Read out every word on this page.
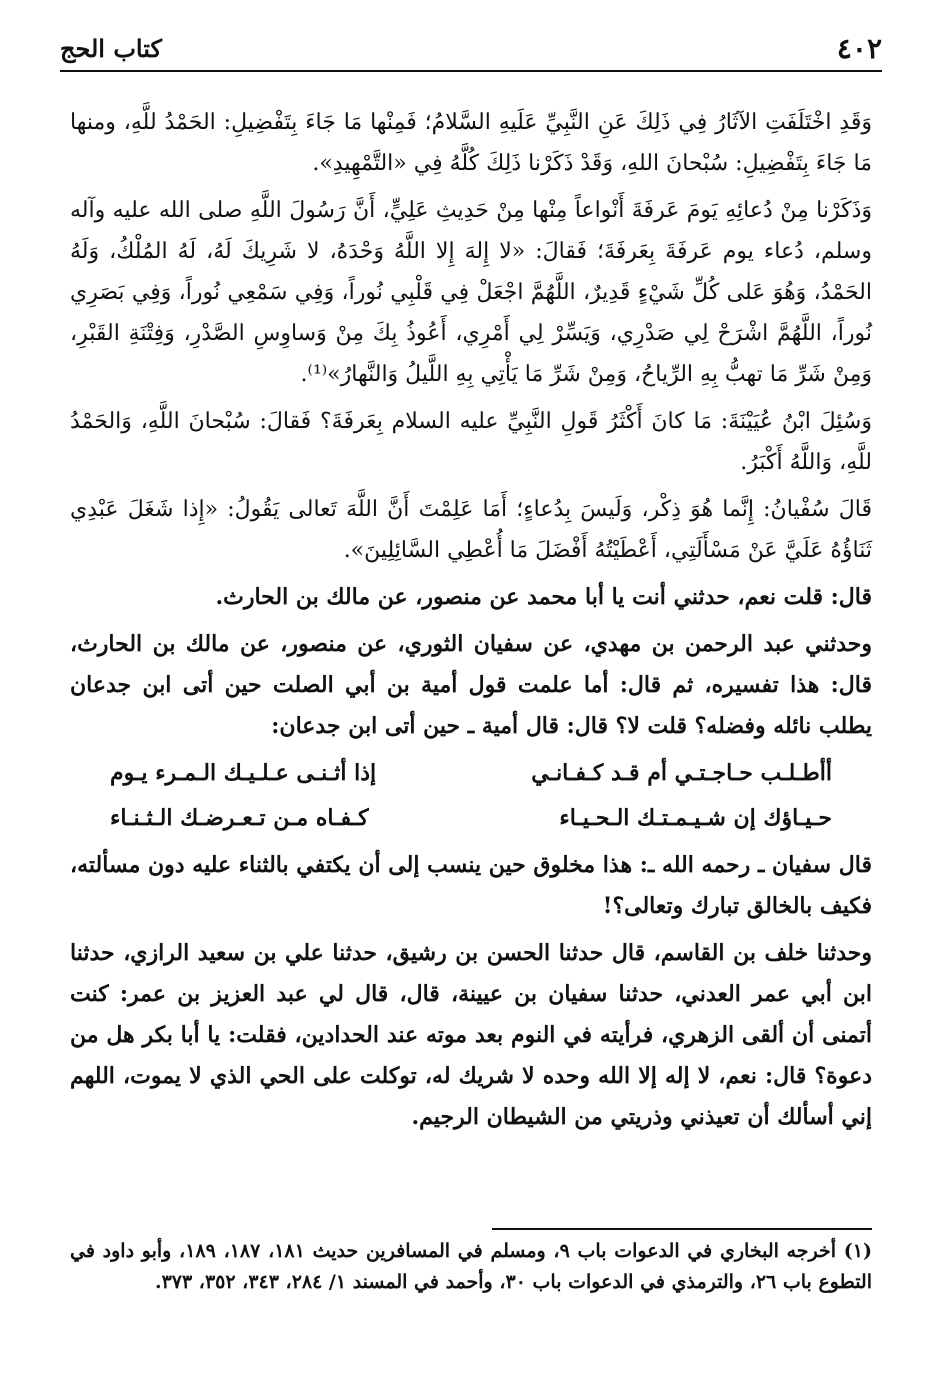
٤٠٢
كتاب الحج

وَقَدِ اخْتَلَفَتِ الآثَارُ فِي ذَلِكَ عَنِ النَّبِيِّ عَلَيهِ السَّلامُ؛ فَمِنْها مَا جَاءَ بِتَفْضِيلِ: الحَمْدُ للَّهِ، ومنها مَا جَاءَ بِتَفْضِيلِ: سُبْحانَ اللهِ، وَقَدْ ذَكَرْنا ذَلِكَ كُلَّهُ فِي «التَّمْهِيدِ».

وَذَكَرْنا مِنْ دُعائِهِ يَومَ عَرفَةَ أَنْواعاً مِنْها مِنْ حَدِيثِ عَلِيٍّ، أَنَّ رَسُولَ اللَّهِ صلى الله عليه وآله وسلم، دُعاء يوم عَرفَةَ بِعَرفَةَ؛ فَقالَ: «لا إِلهَ إِلا اللَّهُ وَحْدَهُ، لا شَرِيكَ لَهُ، لَهُ المُلْكُ، وَلَهُ الحَمْدُ، وَهُوَ عَلى كُلِّ شَيْءٍ قَدِيرٌ، اللَّهُمَّ اجْعَلْ فِي قَلْبِي نُوراً، وَفِي سَمْعِي نُوراً، وَفِي بَصَرِي نُوراً، اللَّهُمَّ اشْرَحْ لِي صَدْرِي، وَيَسِّرْ لِي أَمْرِي، أَعُوذُ بِكَ مِنْ وَساوِسِ الصَّدْرِ، وَفِتْنَةِ القَبْرِ، وَمِنْ شَرِّ مَا تهبُّ بِهِ الرِّياحُ، وَمِنْ شَرِّ مَا يَأْتِي بِهِ اللَّيلُ وَالنَّهارُ»⁽¹⁾.

وَسُئِلَ ابْنُ عُيَيْنَةَ: مَا كانَ أَكْثَرُ قَولِ النَّبِيِّ عليه السلام بِعَرفَةَ؟ فَقالَ: سُبْحانَ اللَّهِ، وَالحَمْدُ للَّهِ، وَاللَّهُ أَكْبَرُ.

قَالَ سُفْيانُ: إِنَّما هُوَ ذِكْر، وَلَيسَ بِدُعاءٍ؛ أَمَا عَلِمْتَ أَنَّ اللَّهَ تَعالى يَقُولُ: «إِذا شَغَلَ عَبْدِي ثَنَاؤُهُ عَلَيَّ عَنْ مَسْأَلَتِي، أَعْطَيْتُهُ أَفْضَلَ مَا أُعْطِي السَّائِلِينَ».

قال: قلت نعم، حدثني أنت يا أبا محمد عن منصور، عن مالك بن الحارث.

وحدثني عبد الرحمن بن مهدي، عن سفيان الثوري، عن منصور، عن مالك بن الحارث، قال: هذا تفسيره، ثم قال: أما علمت قول أمية بن أبي الصلت حين أتى ابن جدعان يطلب نائله وفضله؟ قلت لا؟ قال: قال أمية ـ حين أتى ابن جدعان:

أأطـلـب حـاجـتـي أم قـد كـفـانـي
إذا أثـنـى عـلـيـك الـمـرء يـوم
حـيـاؤك إن شـيـمـتـك الـحـيـاء
كـفـاه مـن تـعـرضـك الـثـنـاء

قال سفيان ـ رحمه الله ـ: هذا مخلوق حين ينسب إلى أن يكتفي بالثناء عليه دون مسألته، فكيف بالخالق تبارك وتعالى؟!

وحدثنا خلف بن القاسم، قال حدثنا الحسن بن رشيق، حدثنا علي بن سعيد الرازي، حدثنا ابن أبي عمر العدني، حدثنا سفيان بن عيينة، قال، قال لي عبد العزيز بن عمر: كنت أتمنى أن ألقى الزهري، فرأيته في النوم بعد موته عند الحدادين، فقلت: يا أبا بكر هل من دعوة؟ قال: نعم، لا إله إلا الله وحده لا شريك له، توكلت على الحي الذي لا يموت، اللهم إني أسألك أن تعيذني وذريتي من الشيطان الرجيم.

(١) أخرجه البخاري في الدعوات باب ٩، ومسلم في المسافرين حديث ١٨١، ١٨٧، ١٨٩، وأبو داود في التطوع باب ٢٦، والترمذي في الدعوات باب ٣٠، وأحمد في المسند ١/ ٢٨٤، ٣٤٣، ٣٥٢، ٣٧٣.
